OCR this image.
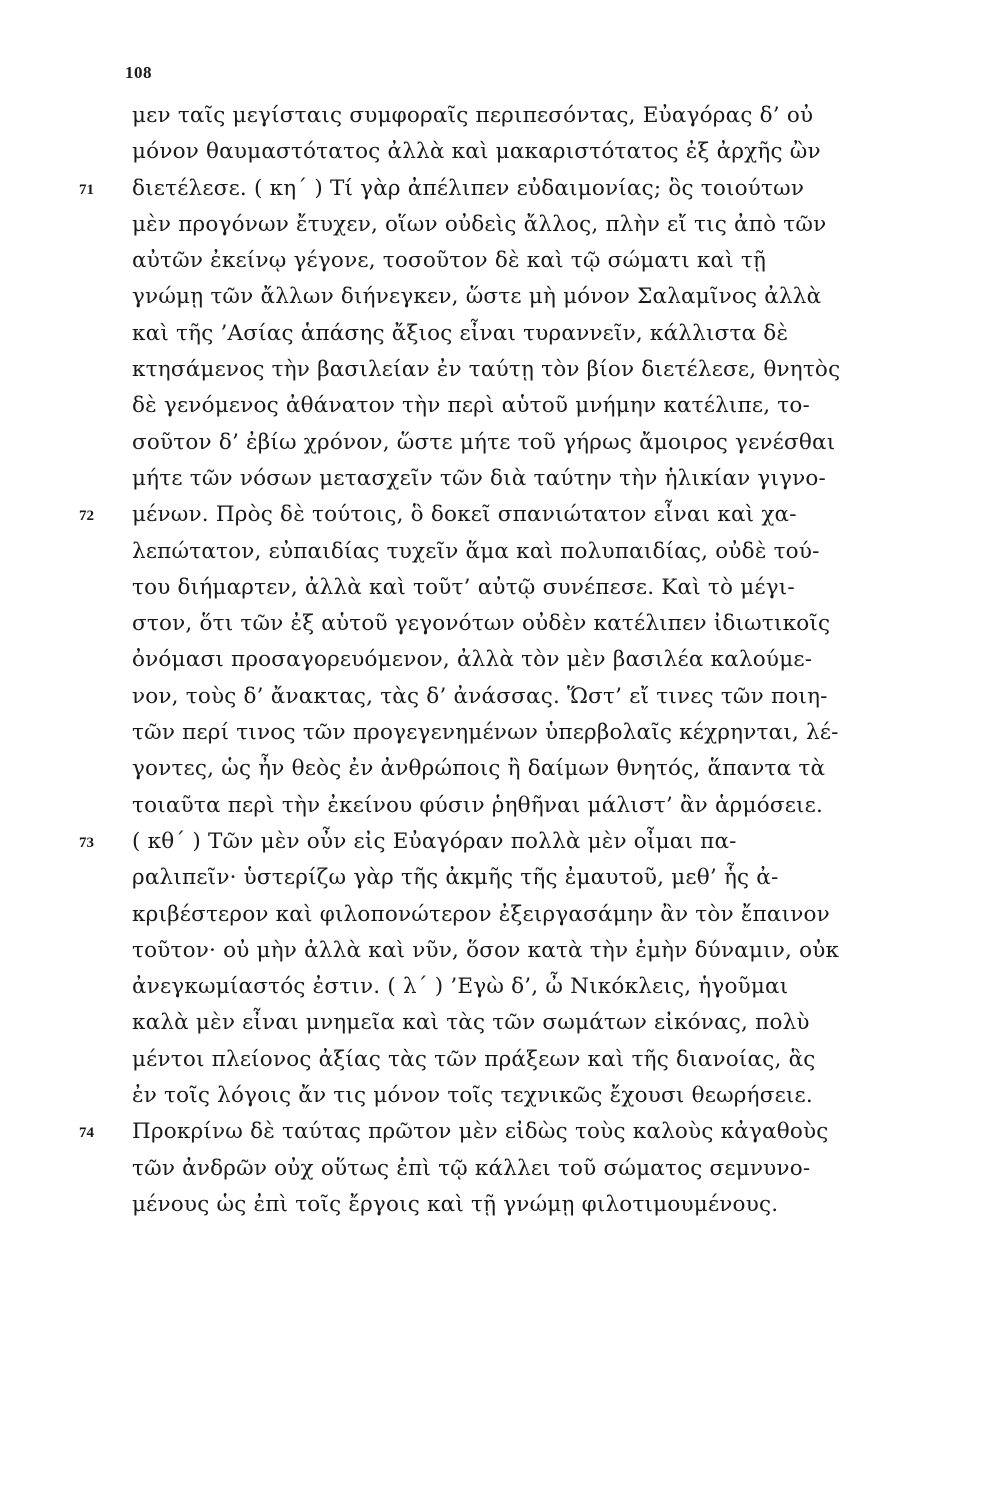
108
μεν ταῖς μεγίσταις συμφοραῖς περιπεσόντας, Εὐαγόρας δ’ οὐ
μόνον θαυμαστότατος ἀλλὰ καὶ μακαριστότατος ἐξ ἀρχῆς ὢν
71 διετέλεσε. ( κη΄ ) Τί γὰρ ἀπέλιπεν εὐδαιμονίας; ὃς τοιούτων
μὲν προγόνων ἔτυχεν, οἵων οὐδεὶς ἄλλος, πλὴν εἴ τις ἀπὸ τῶν
αὐτῶν ἐκείνῳ γέγονε, τοσοῦτον δὲ καὶ τῷ σώματι καὶ τῇ
γνώμῃ τῶν ἄλλων διήνεγκεν, ὥστε μὴ μόνον Σαλαμῖνος ἀλλὰ
καὶ τῆς ’Ασίας ἁπάσης ἄξιος εἶναι τυραννεῖν, κάλλιστα δὲ
κτησάμενος τὴν βασιλείαν ἐν ταύτῃ τὸν βίον διετέλεσε, θνητὸς
δὲ γενόμενος ἀθάνατον τὴν περὶ αὑτοῦ μνήμην κατέλιπε, το-
σοῦτον δ’ ἐβίω χρόνον, ὥστε μήτε τοῦ γήρως ἄμοιρος γενέσθαι
μήτε τῶν νόσων μετασχεῖν τῶν διὰ ταύτην τὴν ἡλικίαν γιγνο-
72 μένων. Πρὸς δὲ τούτοις, ὃ δοκεῖ σπανιώτατον εἶναι καὶ χα-
λεπώτατον, εὐπαιδίας τυχεῖν ἅμα καὶ πολυπαιδίας, οὐδὲ τού-
του διήμαρτεν, ἀλλὰ καὶ τοῦτ’ αὐτῷ συνέπεσε. Καὶ τὸ μέγι-
στον, ὅτι τῶν ἐξ αὑτοῦ γεγονότων οὐδὲν κατέλιπεν ἰδιωτικοῖς
ὀνόμασι προσαγορευόμενον, ἀλλὰ τὸν μὲν βασιλέα καλούμε-
νον, τοὺς δ’ ἄνακτας, τὰς δ’ ἀνάσσας. Ὥστ’ εἴ τινες τῶν ποιη-
τῶν περί τινος τῶν προγεγενημένων ὑπερβολαῖς κέχρηνται, λέ-
γοντες, ὡς ἦν θεὸς ἐν ἀνθρώποις ἢ δαίμων θνητός, ἅπαντα τὰ
τοιαῦτα περὶ τὴν ἐκείνου φύσιν ῥηθῆναι μάλιστ’ ἂν ἁρμόσειε.
73 ( κθ΄ ) Τῶν μὲν οὖν εἰς Εὐαγόραν πολλὰ μὲν οἶμαι πα-
ραλιπεῖν· ὑστερίζω γὰρ τῆς ἀκμῆς τῆς ἐμαυτοῦ, μεθ’ ἧς ἀ-
κριβέστερον καὶ φιλοπονώτερον ἐξειργασάμην ἂν τὸν ἔπαινον
τοῦτον· οὐ μὴν ἀλλὰ καὶ νῦν, ὅσον κατὰ τὴν ἐμὴν δύναμιν, οὐκ
ἀνεγκωμίαστός ἐστιν. ( λ΄ ) ’Εγὼ δ’, ὦ Νικόκλεις, ἡγοῦμαι
καλὰ μὲν εἶναι μνημεῖα καὶ τὰς τῶν σωμάτων εἰκόνας, πολὺ
μέντοι πλείονος ἀξίας τὰς τῶν πράξεων καὶ τῆς διανοίας, ἃς
ἐν τοῖς λόγοις ἄν τις μόνον τοῖς τεχνικῶς ἔχουσι θεωρήσειε.
74 Προκρίνω δὲ ταύτας πρῶτον μὲν εἰδὼς τοὺς καλοὺς κἀγαθοὺς
τῶν ἀνδρῶν οὐχ οὕτως ἐπὶ τῷ κάλλει τοῦ σώματος σεμνυνο-
μένους ὡς ἐπὶ τοῖς ἔργοις καὶ τῇ γνώμῃ φιλοτιμουμένους.
